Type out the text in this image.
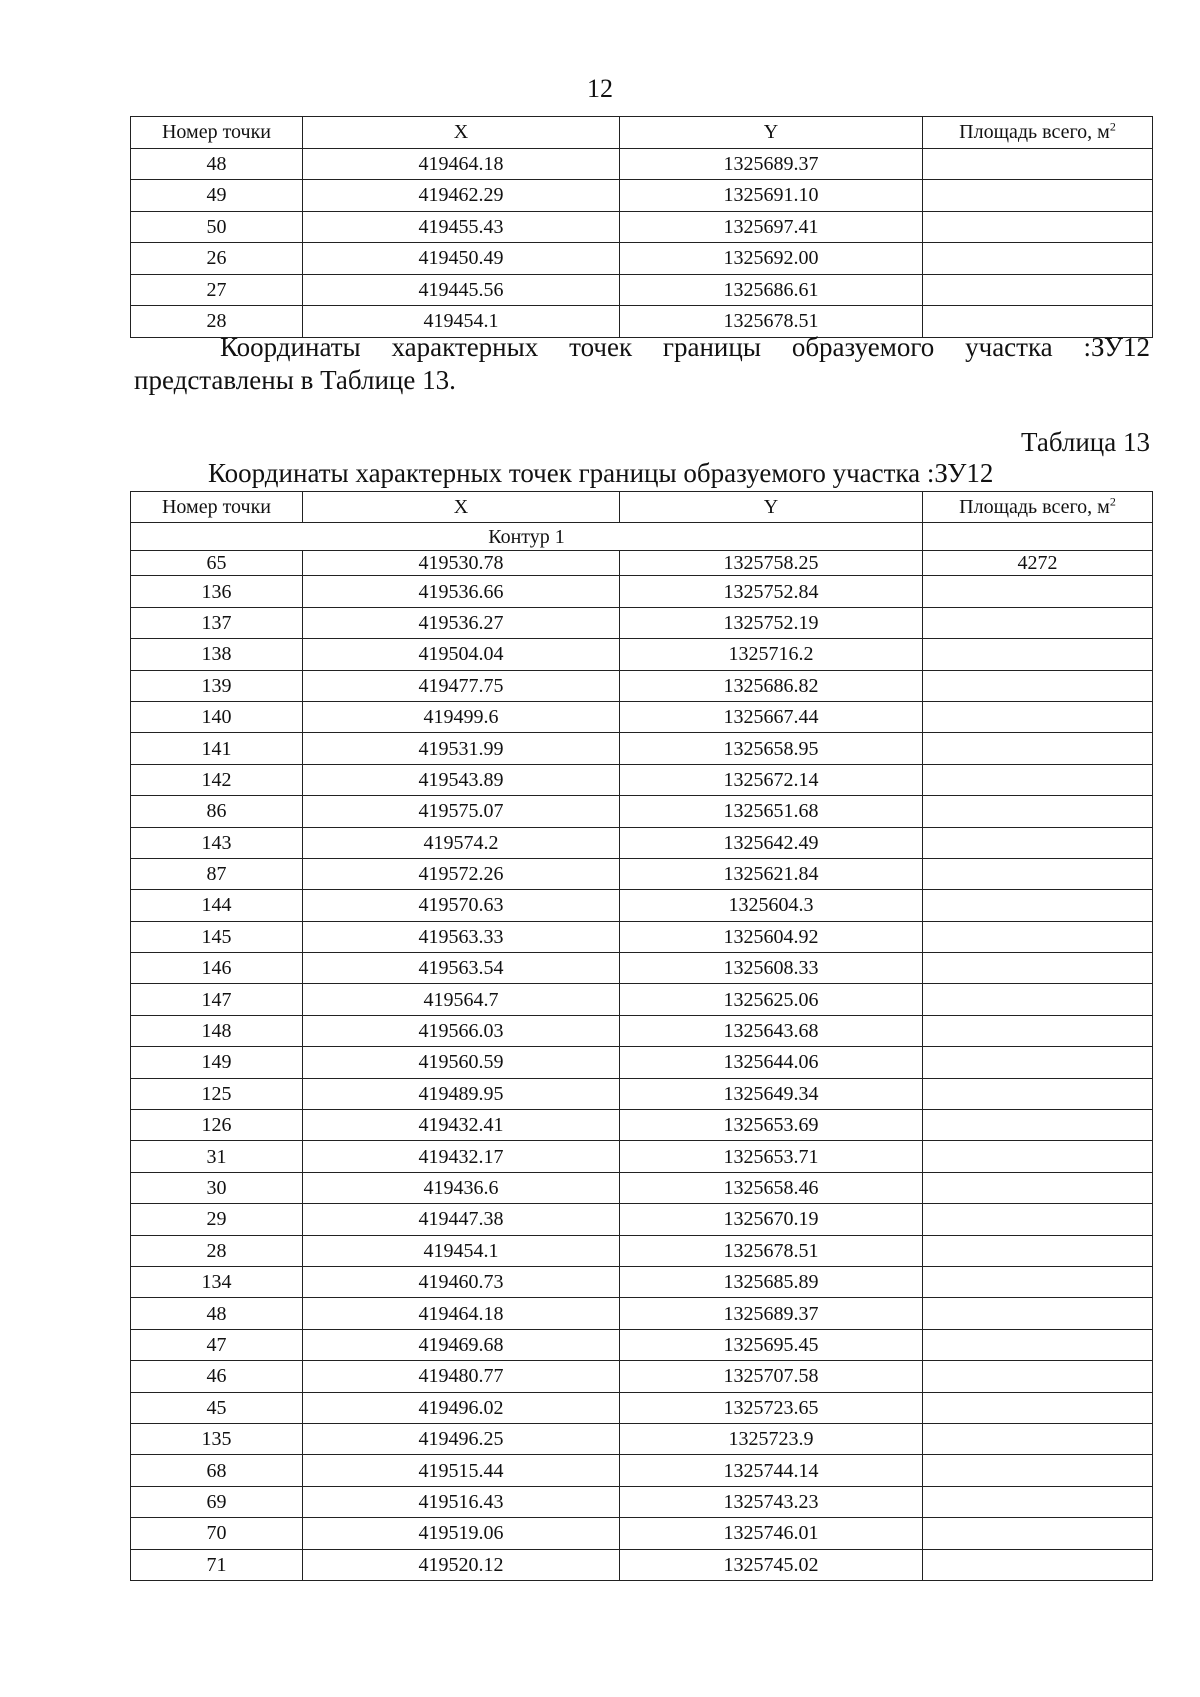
12
Номер точки	X	Y	Площадь всего, $м^2$
48	419464.18	1325689.37	
49	419462.29	1325691.10	
50	419455.43	1325697.41	
26	419450.49	1325692.00	
27	419445.56	1325686.61	
28	419454.1	1325678.51	
Координаты характерных точек границы образуемого участка :ЗУ12
представлены в Таблице 13.
Таблица 13
Координаты характерных точек границы образуемого участка :ЗУ12
Номер точки	X	Y	Площадь всего, $м^2$
Контур 1			
65	419530.78	1325758.25	4272
136	419536.66	1325752.84	
137	419536.27	1325752.19	
138	419504.04	1325716.2	
139	419477.75	1325686.82	
140	419499.6	1325667.44	
141	419531.99	1325658.95	
142	419543.89	1325672.14	
86	419575.07	1325651.68	
143	419574.2	1325642.49	
87	419572.26	1325621.84	
144	419570.63	1325604.3	
145	419563.33	1325604.92	
146	419563.54	1325608.33	
147	419564.7	1325625.06	
148	419566.03	1325643.68	
149	419560.59	1325644.06	
125	419489.95	1325649.34	
126	419432.41	1325653.69	
31	419432.17	1325653.71	
30	419436.6	1325658.46	
29	419447.38	1325670.19	
28	419454.1	1325678.51	
134	419460.73	1325685.89	
48	419464.18	1325689.37	
47	419469.68	1325695.45	
46	419480.77	1325707.58	
45	419496.02	1325723.65	
135	419496.25	1325723.9	
68	419515.44	1325744.14	
69	419516.43	1325743.23	
70	419519.06	1325746.01	
71	419520.12	1325745.02	
